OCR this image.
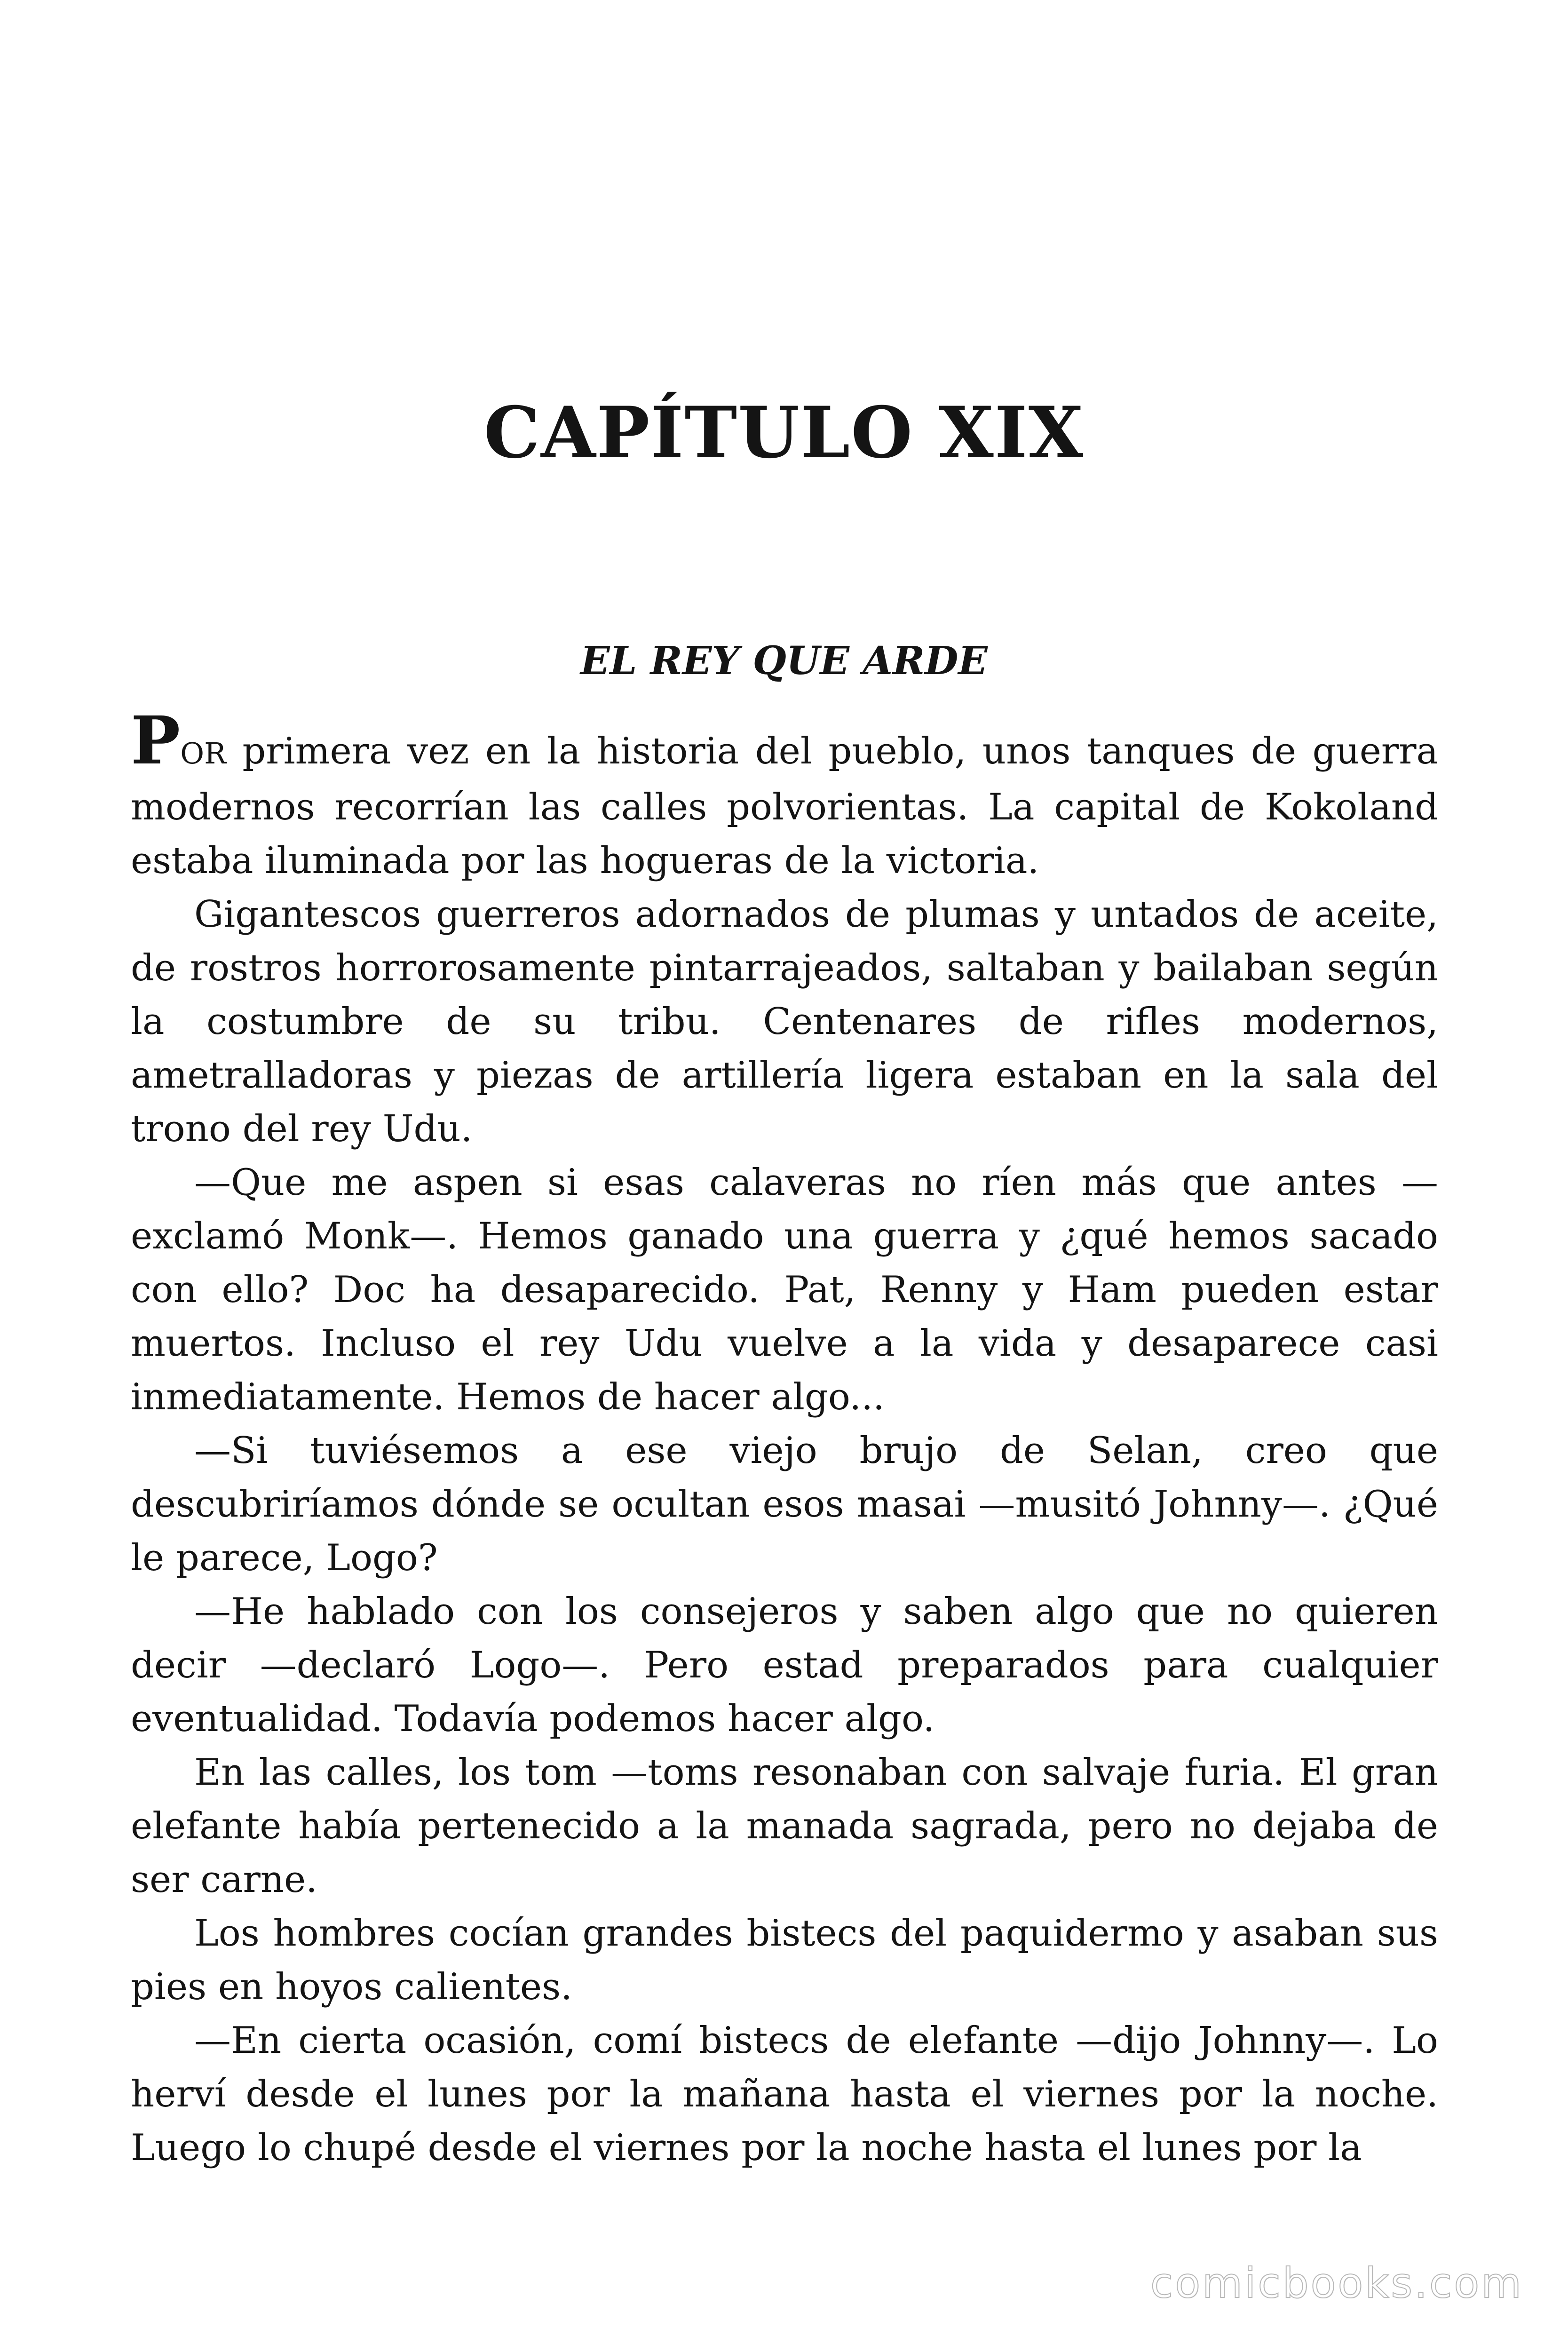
CAPÍTULO XIX
EL REY QUE ARDE

POR primera vez en la historia del pueblo, unos tanques de guerra modernos recorrían las calles polvorientas. La capital de Kokoland estaba iluminada por las hogueras de la victoria.

Gigantescos guerreros adornados de plumas y untados de aceite, de rostros horrorosamente pintarrajeados, saltaban y bailaban según la costumbre de su tribu. Centenares de rifles modernos, ametralladoras y piezas de artillería ligera estaban en la sala del trono del rey Udu.

—Que me aspen si esas calaveras no ríen más que antes —exclamó Monk—. Hemos ganado una guerra y ¿qué hemos sacado con ello? Doc ha desaparecido. Pat, Renny y Ham pueden estar muertos. Incluso el rey Udu vuelve a la vida y desaparece casi inmediatamente. Hemos de hacer algo...

—Si tuviésemos a ese viejo brujo de Selan, creo que descubriríamos dónde se ocultan esos masai —musitó Johnny—. ¿Qué le parece, Logo?

—He hablado con los consejeros y saben algo que no quieren decir —declaró Logo—. Pero estad preparados para cualquier eventualidad. Todavía podemos hacer algo.

En las calles, los tom —toms resonaban con salvaje furia. El gran elefante había pertenecido a la manada sagrada, pero no dejaba de ser carne.

Los hombres cocían grandes bistecs del paquidermo y asaban sus pies en hoyos calientes.

—En cierta ocasión, comí bistecs de elefante —dijo Johnny—. Lo herví desde el lunes por la mañana hasta el viernes por la noche. Luego lo chupé desde el viernes por la noche hasta el lunes por la

comicbooks.com
